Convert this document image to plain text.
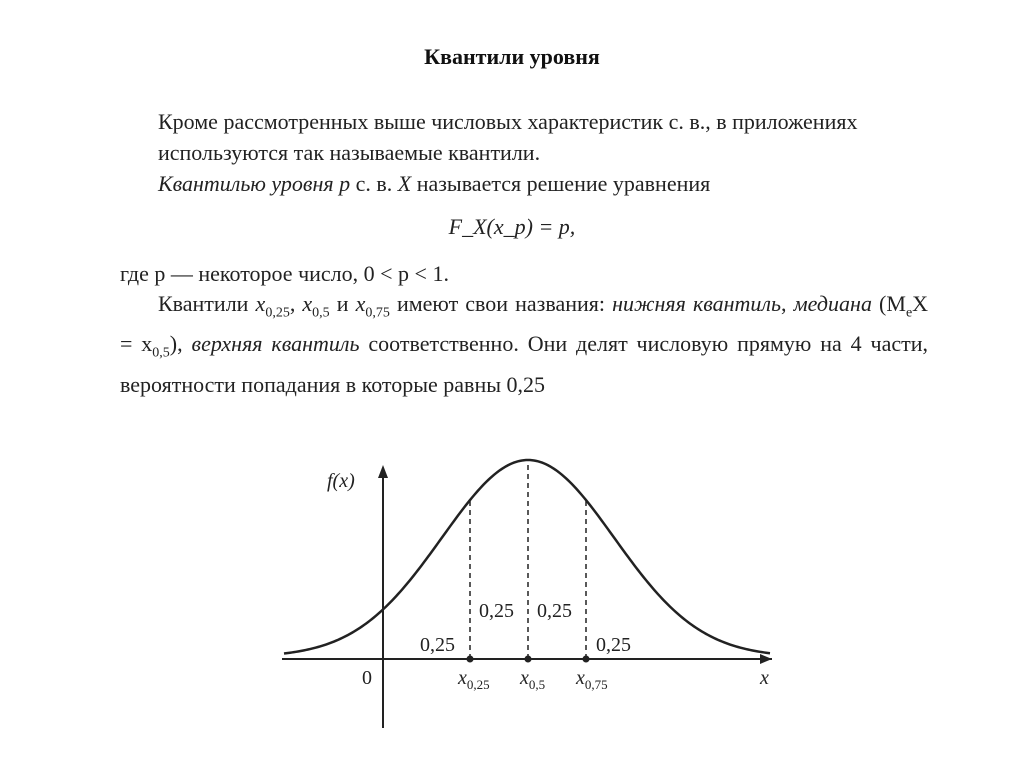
Квантили уровня
Кроме рассмотренных выше числовых характеристик с. в., в приложениях используются так называемые квантили.
Квантилью уровня p с. в. X называется решение уравнения
F_X(x_p) = p,
где p — некоторое число, 0 < p < 1.
Квантили $x_{0,25}$, $x_{0,5}$ и $x_{0,75}$ имеют свои названия: нижняя квантиль, медиана $(M_eX = x_{0,5})$, верхняя квантиль соответственно. Они делят числовую прямую на 4 части, вероятности попадания в которые равны 0,25
f(x)
x
0
0,25
0,25 0,25
0,25
$x_{0,25}$ $x_{0,5}$ $x_{0,75}$
